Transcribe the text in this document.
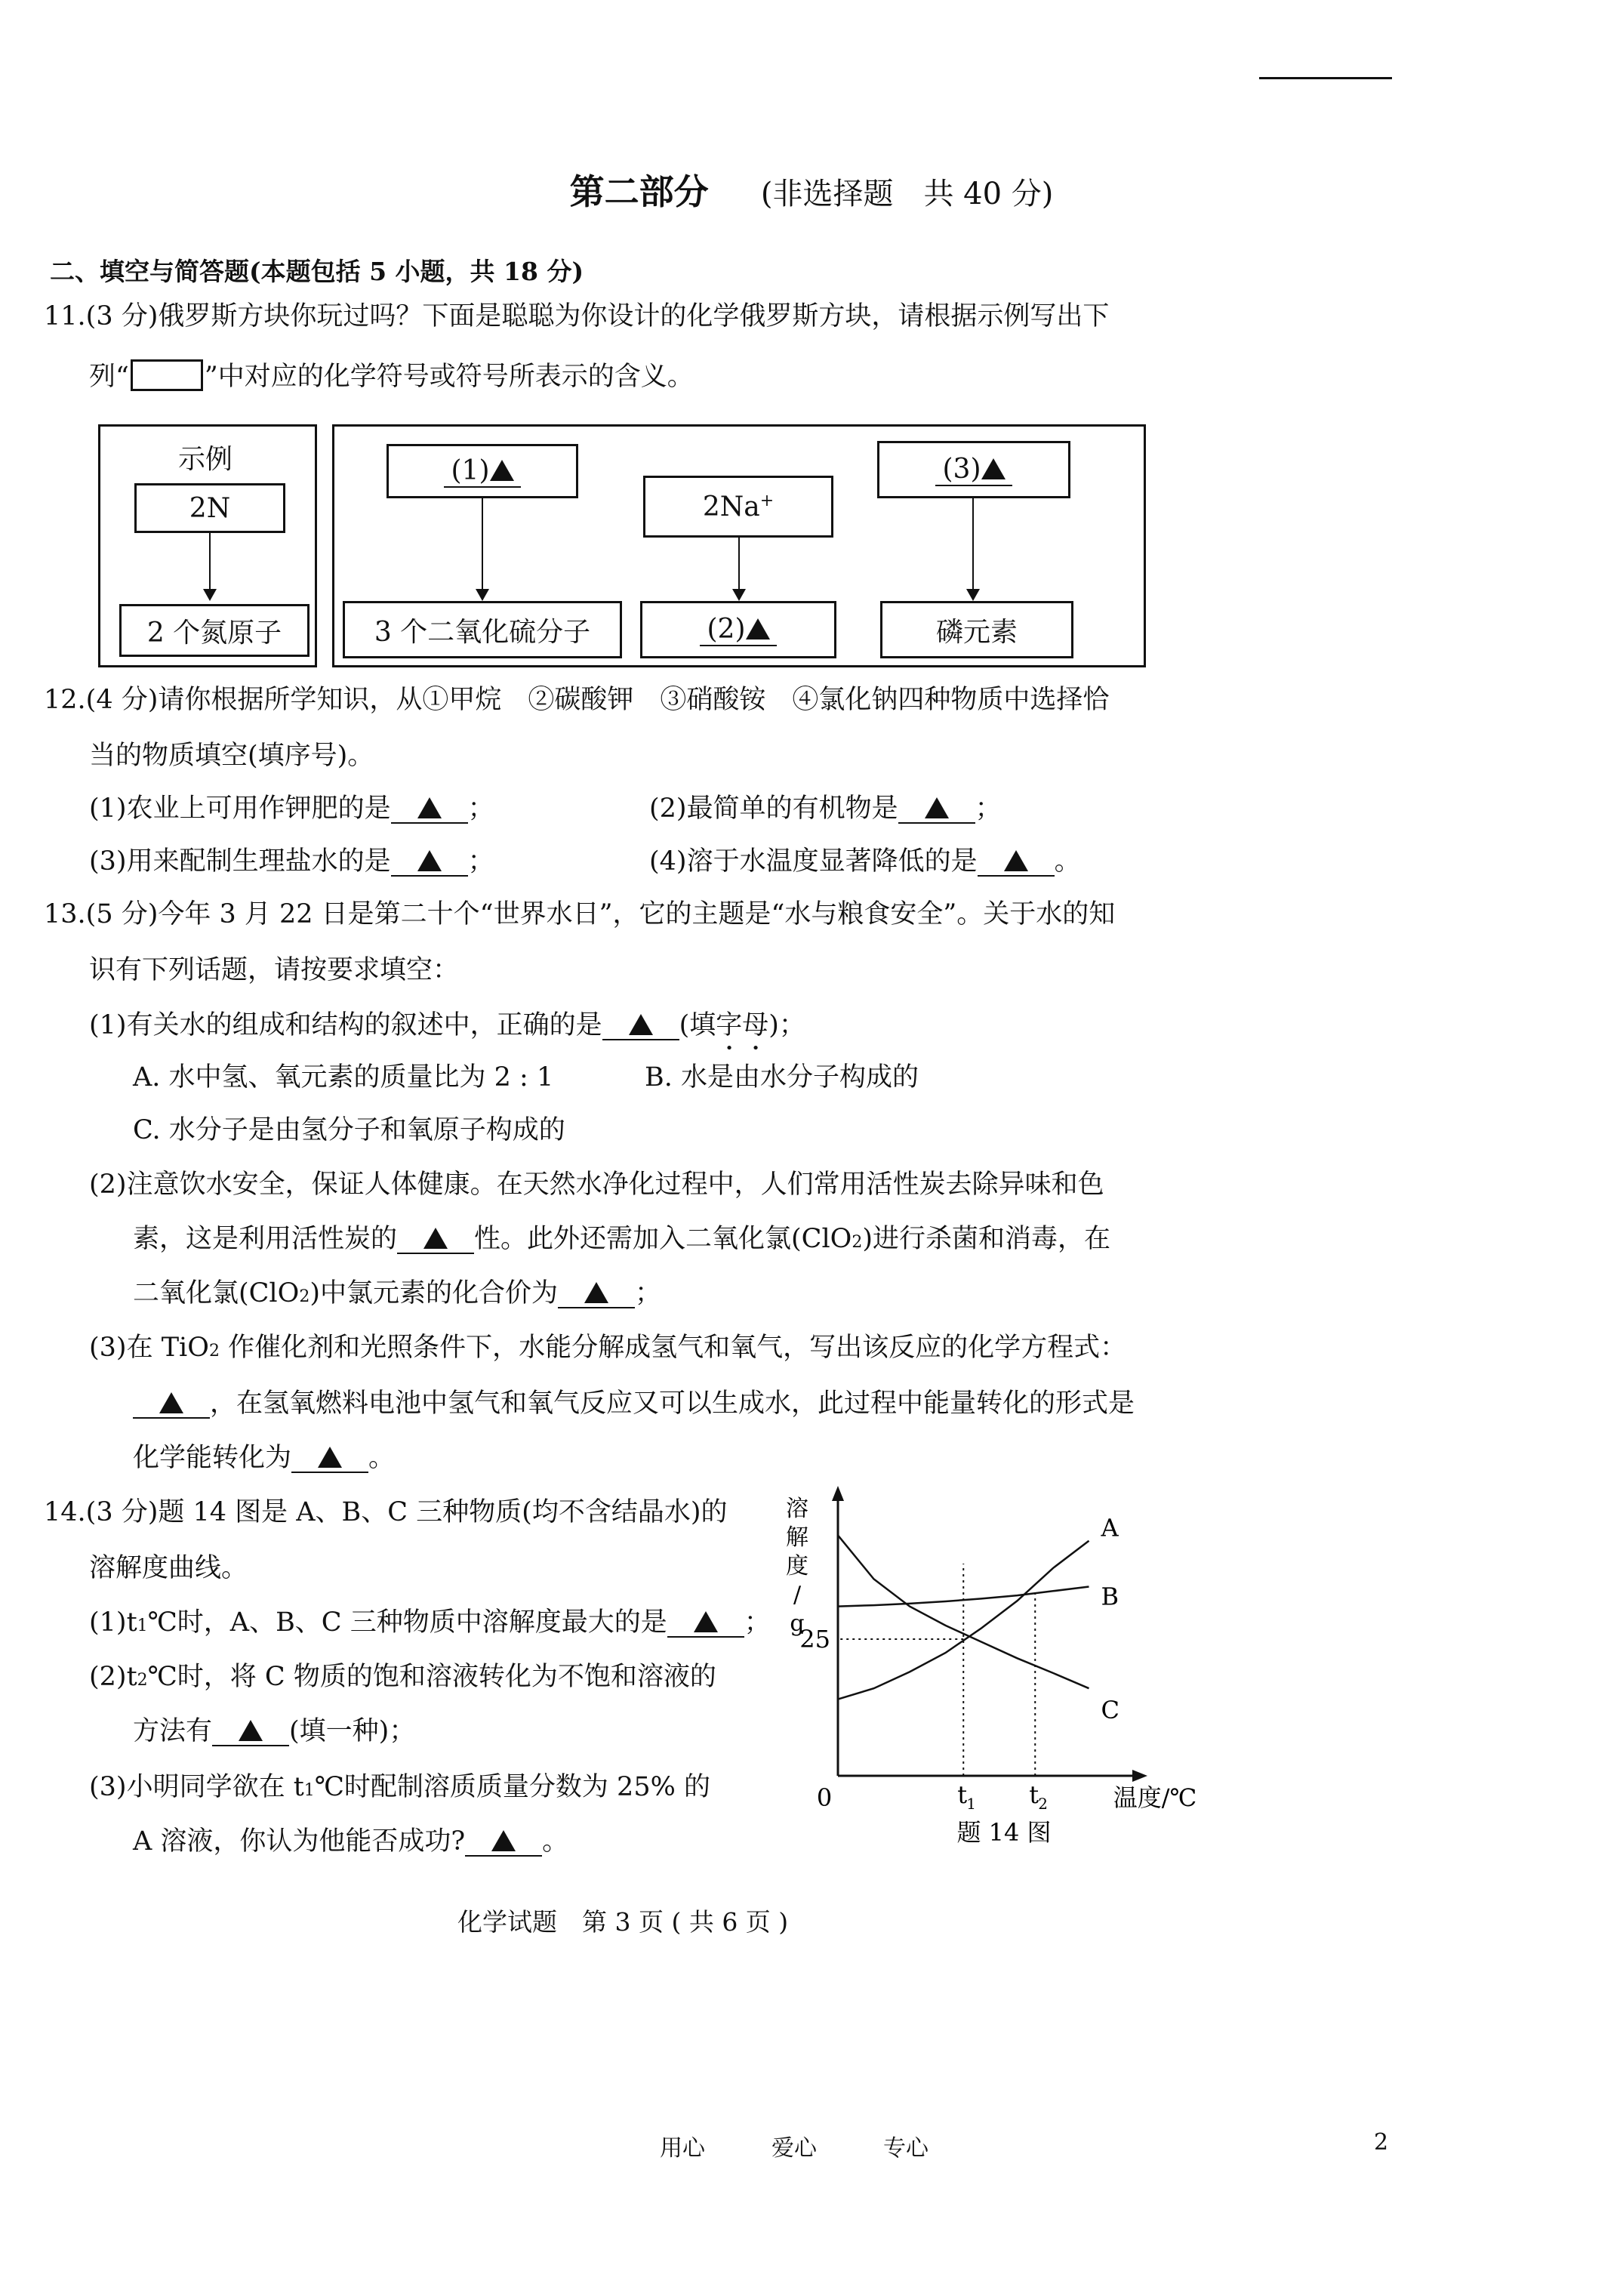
第二部分 (非选择题　共 40 分)
二、填空与简答题(本题包括 5 小题，共 18 分)
11.(3 分)俄罗斯方块你玩过吗？下面是聪聪为你设计的化学俄罗斯方块，请根据示例写出下
列“	”中对应的化学符号或符号所表示的含义。
示例
2N
2 个氮原子
(1)
3 个二氧化硫分子
2Na+
(2)
(3)
磷元素
12.(4 分)请你根据所学知识，从①甲烷　②碳酸钾　③硝酸铵　④氯化钠四种物质中选择恰
当的物质填空(填序号)。
(1)农业上可用作钾肥的是	；	(2)最简单的有机物是	；
(3)用来配制生理盐水的是	；	(4)溶于水温度显著降低的是	。
13.(5 分)今年 3 月 22 日是第二十个“世界水日”，它的主题是“水与粮食安全”。关于水的知
识有下列话题，请按要求填空：
(1)有关水的组成和结构的叙述中，正确的是	(填字母)；
A. 水中氢、氧元素的质量比为 2 : 1	B. 水是由水分子构成的
C. 水分子是由氢分子和氧原子构成的
(2)注意饮水安全，保证人体健康。在天然水净化过程中，人们常用活性炭去除异味和色
素，这是利用活性炭的	性。此外还需加入二氧化氯(ClO2)进行杀菌和消毒，在
二氧化氯(ClO2)中氯元素的化合价为	；
(3)在 TiO2 作催化剂和光照条件下，水能分解成氢气和氧气，写出该反应的化学方程式：
，在氢氧燃料电池中氢气和氧气反应又可以生成水，此过程中能量转化的形式是
化学能转化为	。
14.(3 分)题 14 图是 A、B、C 三种物质(均不含结晶水)的
溶解度曲线。
(1)t1℃时，A、B、C 三种物质中溶解度最大的是	；
(2)t2℃时，将 C 物质的饱和溶液转化为不饱和溶液的
方法有	(填一种)；
(3)小明同学欲在 t1℃时配制溶质质量分数为 25% 的
A 溶液，你认为他能否成功?	。
A
B
C
25
t 1 t 2
溶
解
度
/
g
0	温度/℃
题 14 图
化学试题　第 3 页 ( 共 6 页 )
用心	爱心	专心	2
